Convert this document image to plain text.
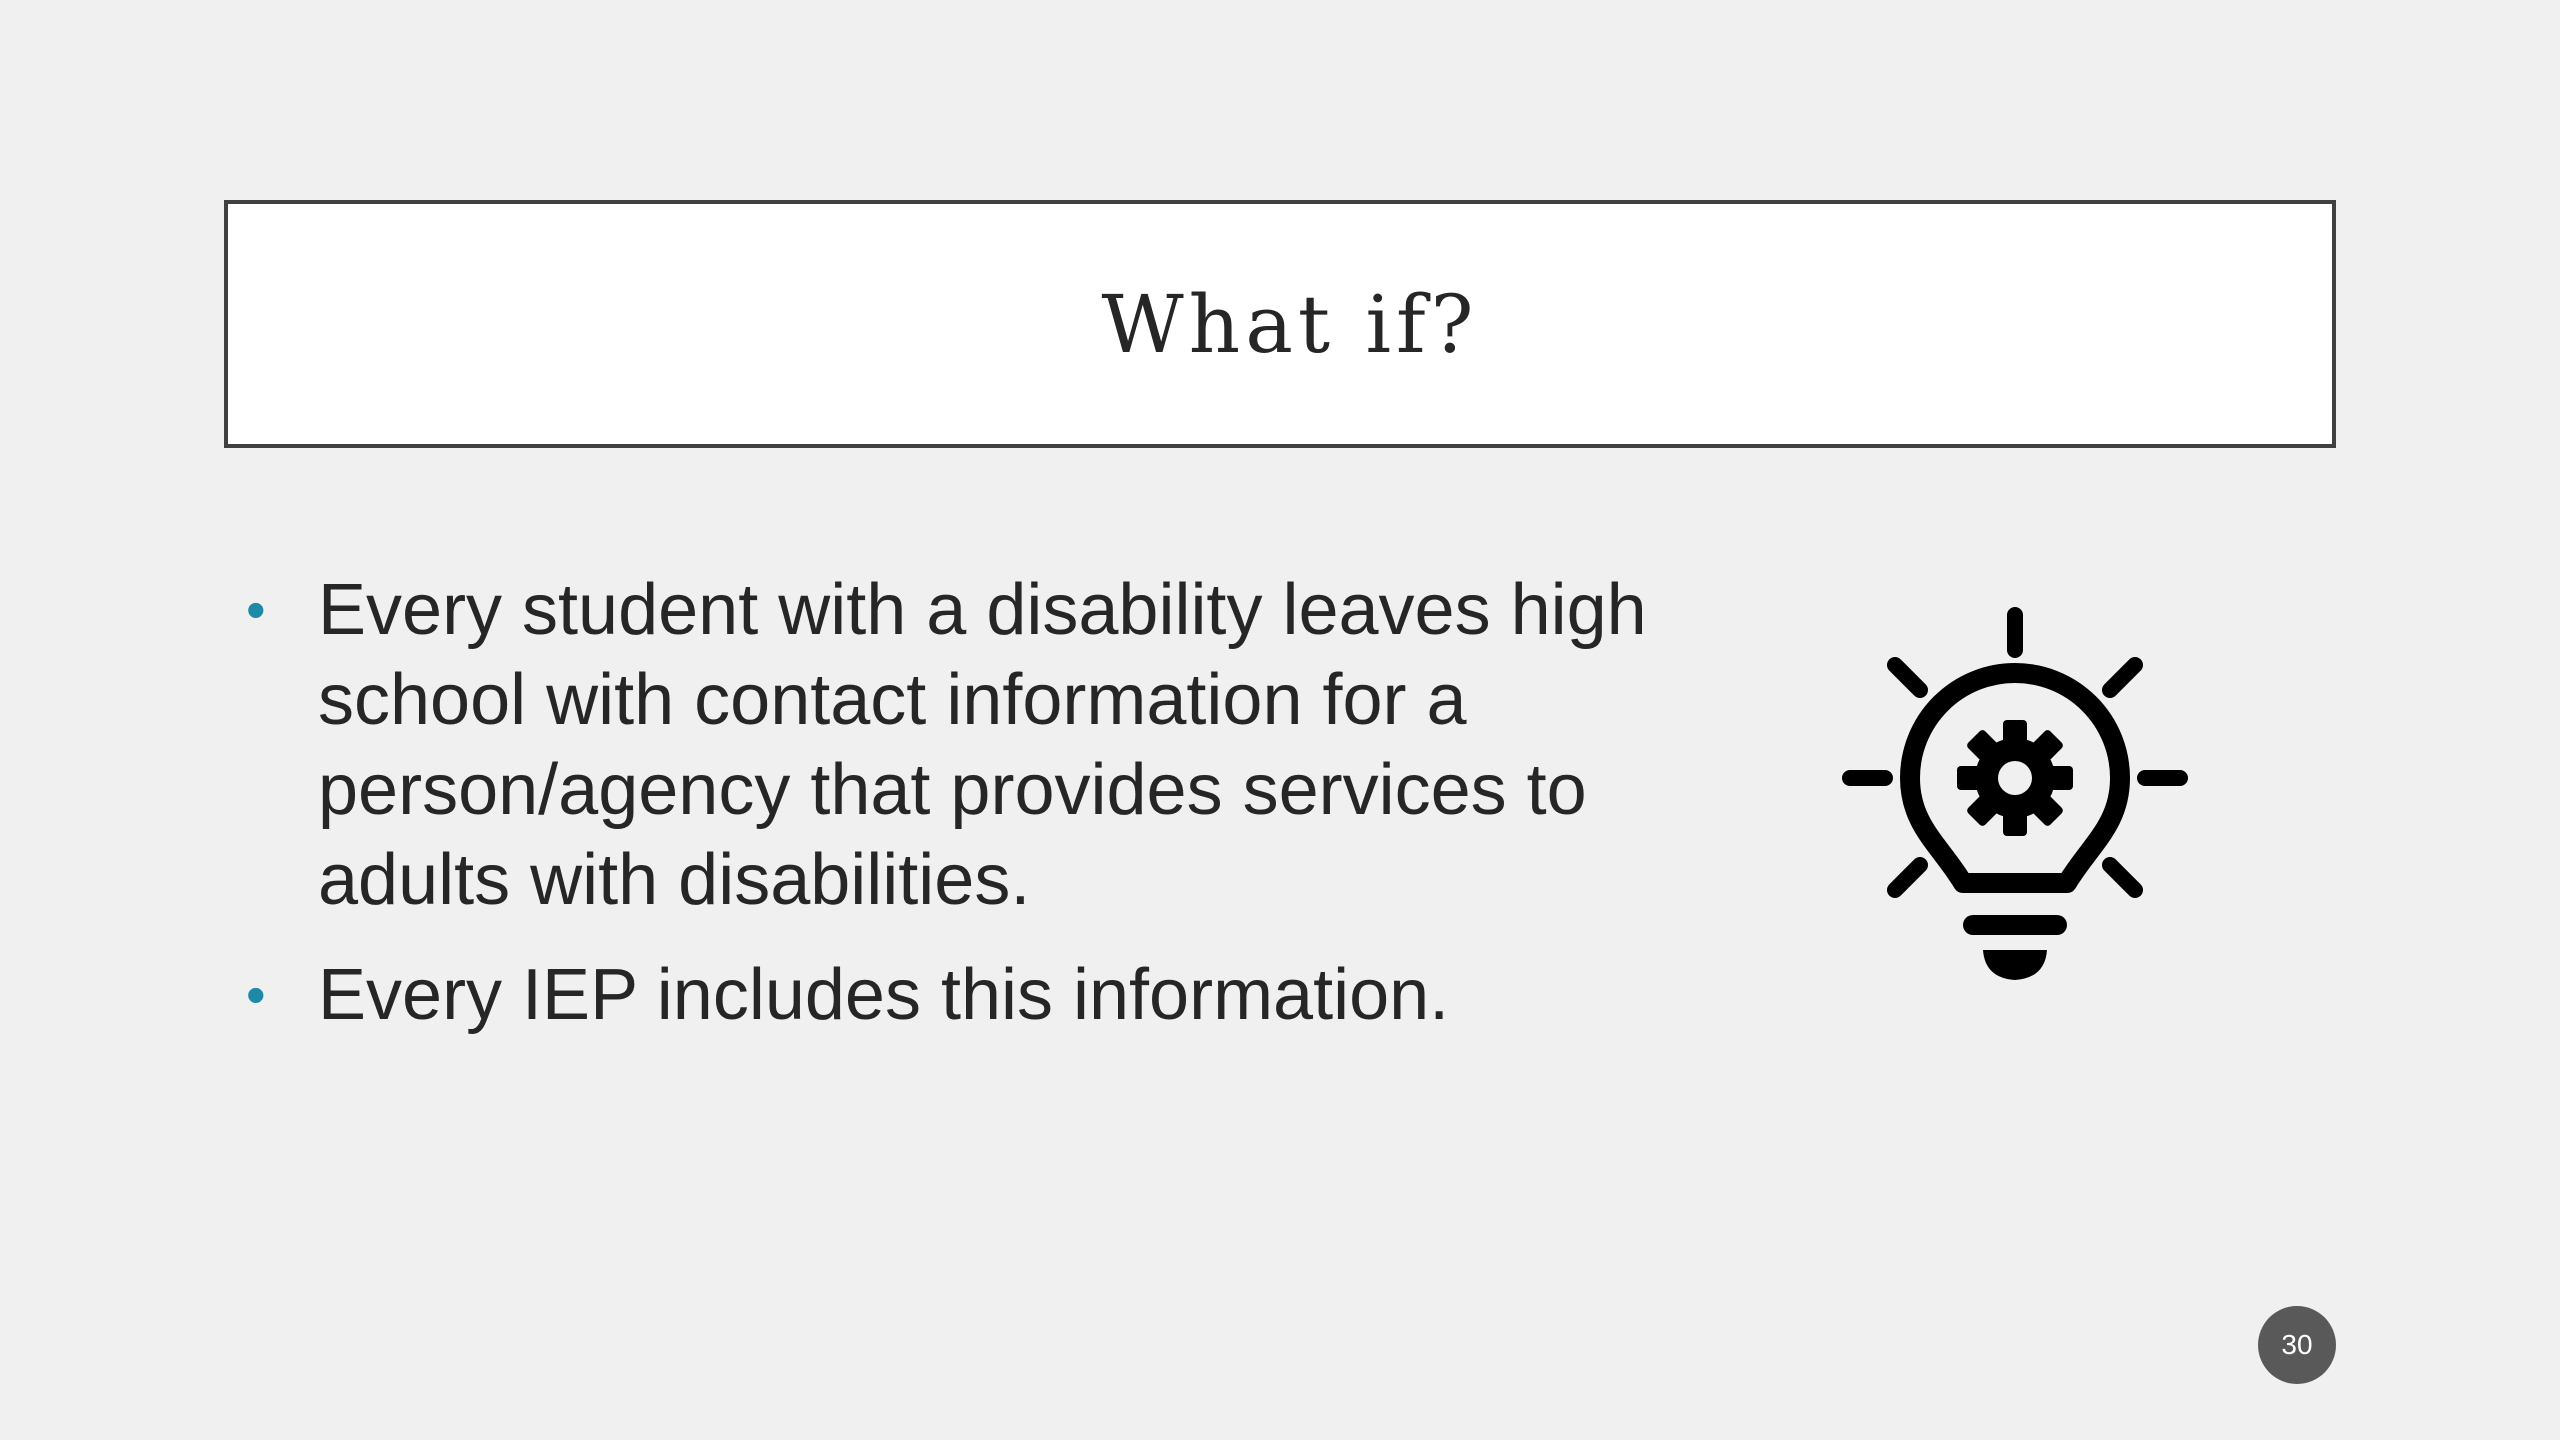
What if?
• Every student with a disability leaves high school with contact information for a person/agency that provides services to adults with disabilities.
• Every IEP includes this information.
30
